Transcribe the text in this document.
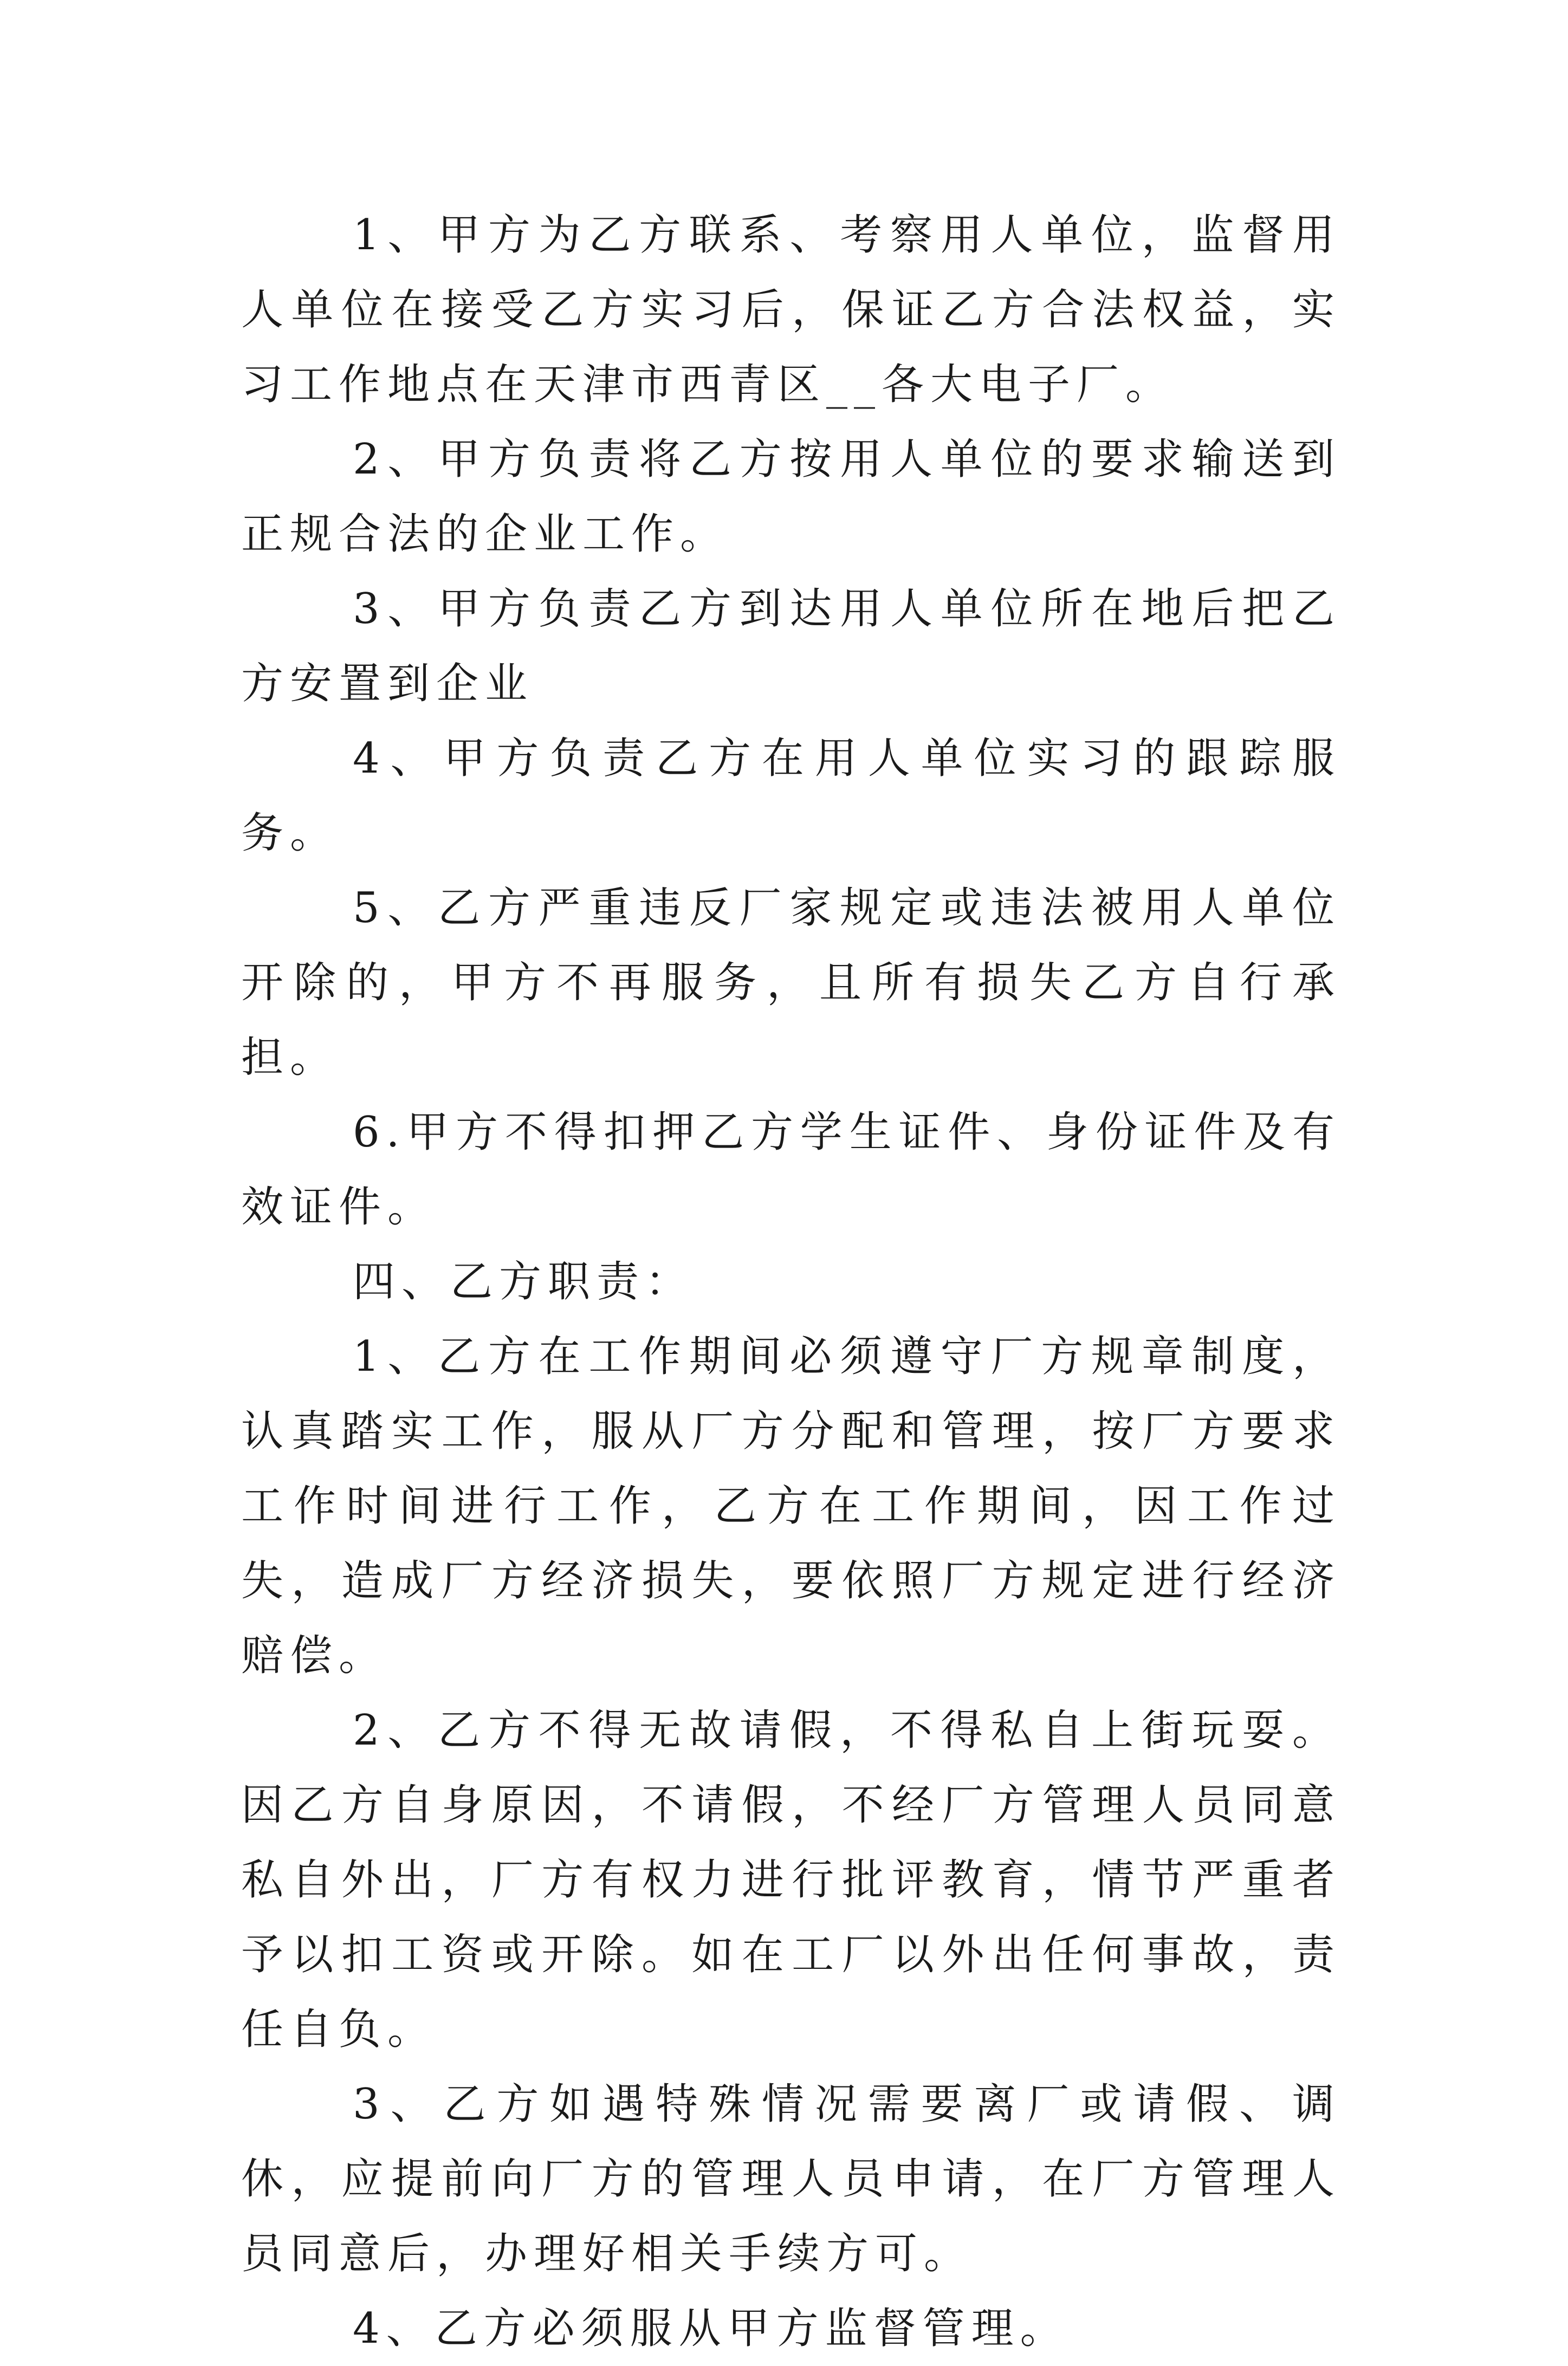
1、甲方为乙方联系、考察用人单位，监督用人单位在接受乙方实习后，保证乙方合法权益，实习工作地点在天津市西青区__各大电子厂。

2、甲方负责将乙方按用人单位的要求输送到正规合法的企业工作。

3、甲方负责乙方到达用人单位所在地后把乙方安置到企业

4、甲方负责乙方在用人单位实习的跟踪服务。

5、乙方严重违反厂家规定或违法被用人单位开除的，甲方不再服务，且所有损失乙方自行承担。

6.甲方不得扣押乙方学生证件、身份证件及有效证件。

四、乙方职责：

1、乙方在工作期间必须遵守厂方规章制度，认真踏实工作，服从厂方分配和管理，按厂方要求工作时间进行工作，乙方在工作期间，因工作过失，造成厂方经济损失，要依照厂方规定进行经济赔偿。

2、乙方不得无故请假，不得私自上街玩耍。因乙方自身原因，不请假，不经厂方管理人员同意私自外出，厂方有权力进行批评教育，情节严重者予以扣工资或开除。如在工厂以外出任何事故，责任自负。

3、乙方如遇特殊情况需要离厂或请假、调休，应提前向厂方的管理人员申请，在厂方管理人员同意后，办理好相关手续方可。

4、乙方必须服从甲方监督管理。
